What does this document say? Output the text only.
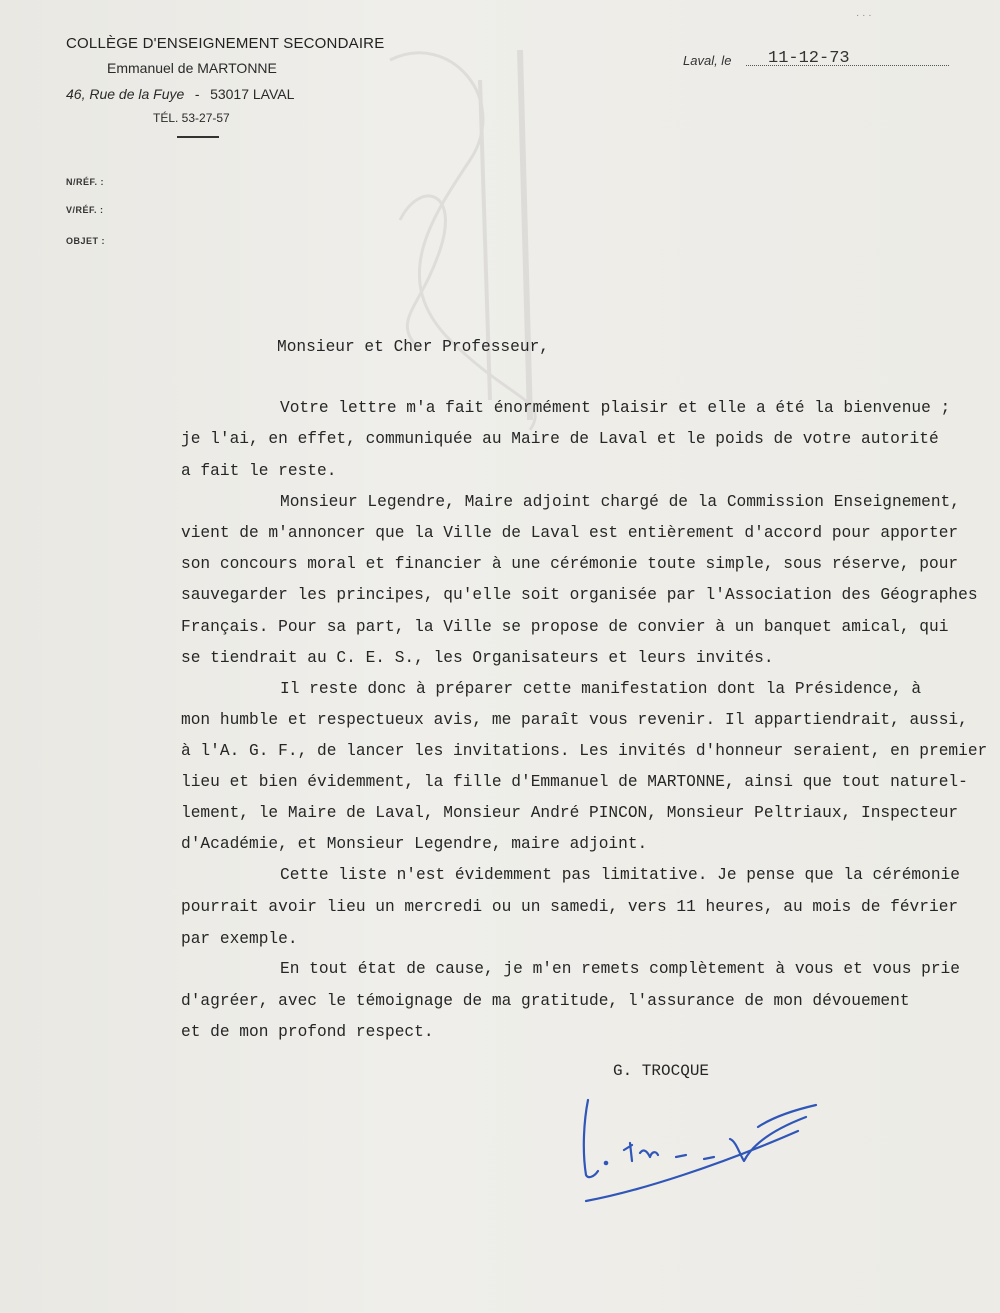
· · ·
COLLÈGE D'ENSEIGNEMENT SECONDAIRE
Emmanuel de MARTONNE
46, Rue de la Fuye - 53017 LAVAL
TÉL. 53-27-57
N/RÉF. :
V/RÉF. :
OBJET :
Laval, le 11-12-73
Monsieur et Cher Professeur,
Votre lettre m'a fait énormément plaisir et elle a été la bienvenue ;
je l'ai, en effet, communiquée au Maire de Laval et le poids de votre autorité
a fait le reste.
Monsieur Legendre, Maire adjoint chargé de la Commission Enseignement,
vient de m'annoncer que la Ville de Laval est entièrement d'accord pour apporter
son concours moral et financier à une cérémonie toute simple, sous réserve, pour
sauvegarder les principes, qu'elle soit organisée par l'Association des Géographes
Français. Pour sa part, la Ville se propose de convier à un banquet amical, qui
se tiendrait au C. E. S., les Organisateurs et leurs invités.
Il reste donc à préparer cette manifestation dont la Présidence, à
mon humble et respectueux avis, me paraît vous revenir. Il appartiendrait, aussi,
à l'A. G. F., de lancer les invitations. Les invités d'honneur seraient, en premier
lieu et bien évidemment, la fille d'Emmanuel de MARTONNE, ainsi que tout naturel-
lement, le Maire de Laval, Monsieur André PINCON, Monsieur Peltriaux, Inspecteur
d'Académie, et Monsieur Legendre, maire adjoint.
Cette liste n'est évidemment pas limitative. Je pense que la cérémonie
pourrait avoir lieu un mercredi ou un samedi, vers 11 heures, au mois de février
par exemple.
En tout état de cause, je m'en remets complètement à vous et vous prie
d'agréer, avec le témoignage de ma gratitude, l'assurance de mon dévouement
et de mon profond respect.
G. TROCQUE
